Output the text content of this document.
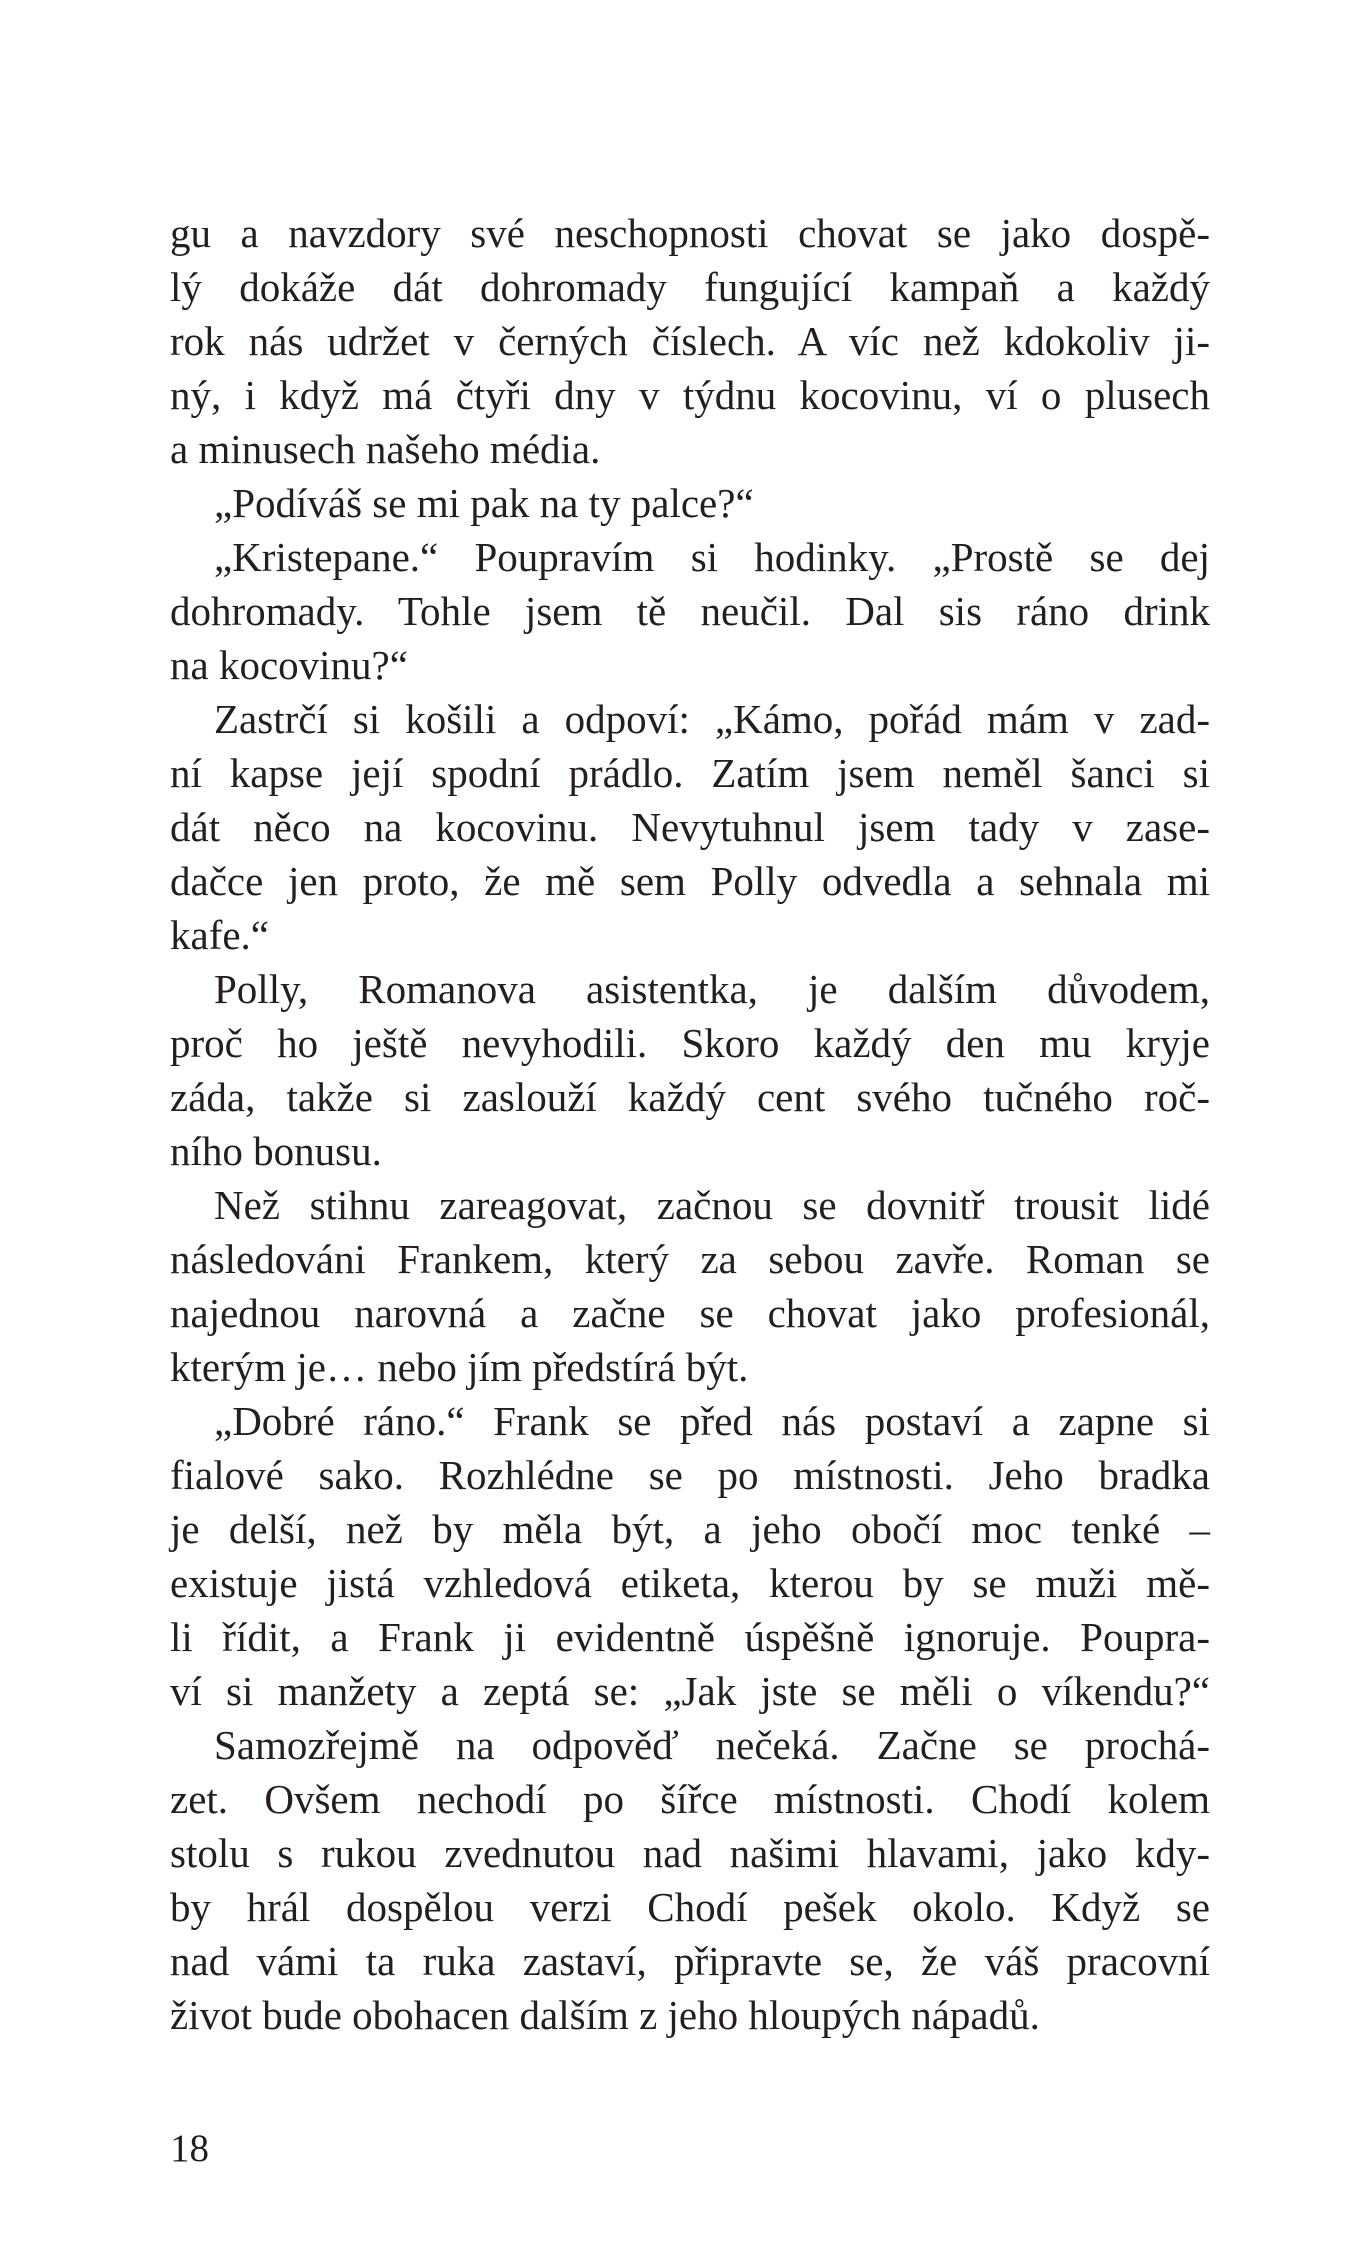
gu a navzdory své neschopnosti chovat se jako dospě-
lý dokáže dát dohromady fungující kampaň a každý
rok nás udržet v černých číslech. A víc než kdokoliv ji-
ný, i když má čtyři dny v týdnu kocovinu, ví o plusech
a minusech našeho média.
„Podíváš se mi pak na ty palce?“
„Kristepane.“ Poupravím si hodinky. „Prostě se dej
dohromady. Tohle jsem tě neučil. Dal sis ráno drink
na kocovinu?“
Zastrčí si košili a odpoví: „Kámo, pořád mám v zad-
ní kapse její spodní prádlo. Zatím jsem neměl šanci si
dát něco na kocovinu. Nevytuhnul jsem tady v zase-
dačce jen proto, že mě sem Polly odvedla a sehnala mi
kafe.“
Polly, Romanova asistentka, je dalším důvodem,
proč ho ještě nevyhodili. Skoro každý den mu kryje
záda, takže si zaslouží každý cent svého tučného roč-
ního bonusu.
Než stihnu zareagovat, začnou se dovnitř trousit lidé
následováni Frankem, který za sebou zavře. Roman se
najednou narovná a začne se chovat jako profesionál,
kterým je… nebo jím předstírá být.
„Dobré ráno.“ Frank se před nás postaví a zapne si
fialové sako. Rozhlédne se po místnosti. Jeho bradka
je delší, než by měla být, a jeho obočí moc tenké –
existuje jistá vzhledová etiketa, kterou by se muži mě-
li řídit, a Frank ji evidentně úspěšně ignoruje. Poupra-
ví si manžety a zeptá se: „Jak jste se měli o víkendu?“
Samozřejmě na odpověď nečeká. Začne se prochá-
zet. Ovšem nechodí po šířce místnosti. Chodí kolem
stolu s rukou zvednutou nad našimi hlavami, jako kdy-
by hrál dospělou verzi Chodí pešek okolo. Když se
nad vámi ta ruka zastaví, připravte se, že váš pracovní
život bude obohacen dalším z jeho hloupých nápadů.
18
